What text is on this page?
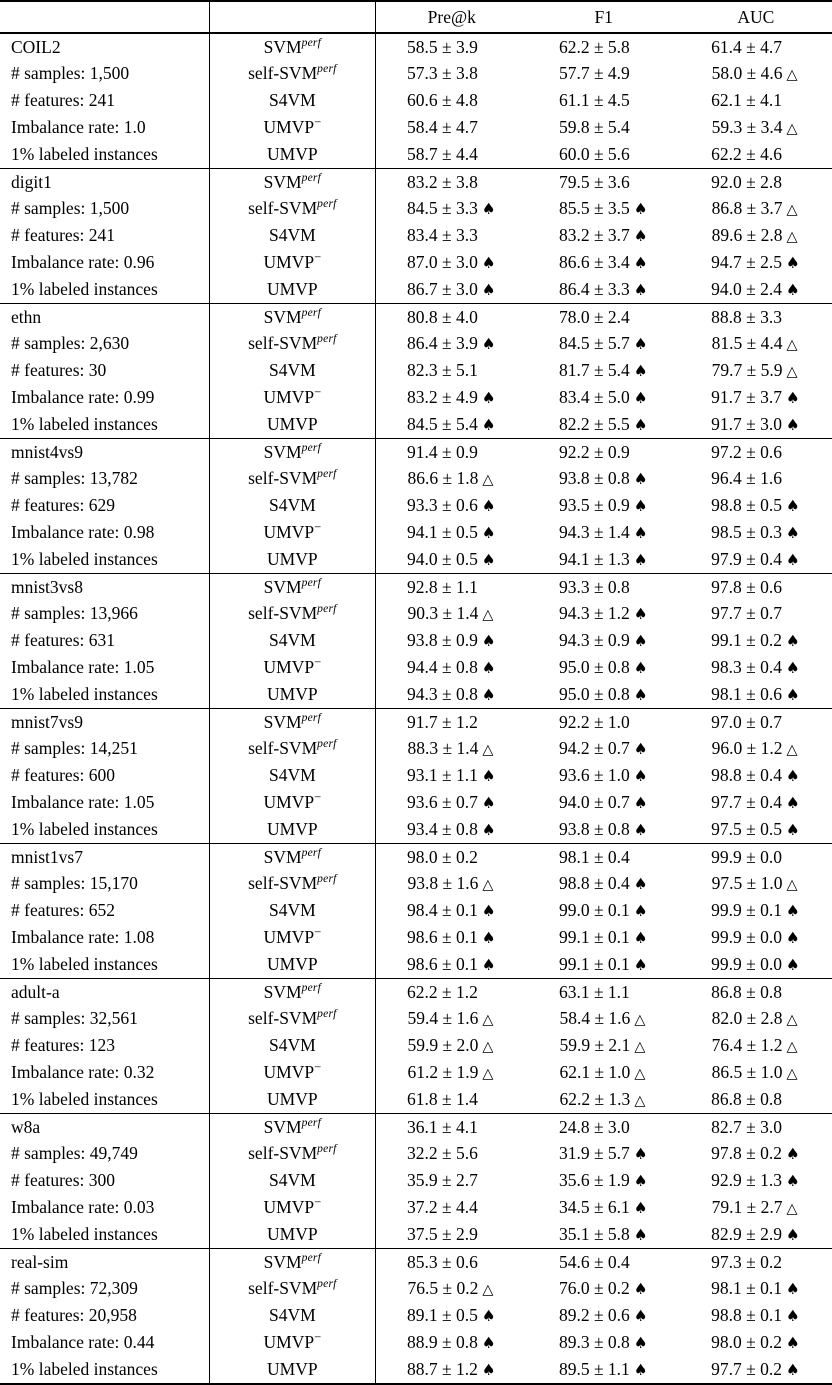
		Pre@k	F1	AUC

COIL2	$SVM^{perf}$	58.5 ± 3.9	62.2 ± 5.8	61.4 ± 4.7
# samples: 1,500	self-$SVM^{perf}$	57.3 ± 3.8	57.7 ± 4.9	58.0 ± 4.6 △
# features: 241	S4VM	60.6 ± 4.8	61.1 ± 4.5	62.1 ± 4.1
Imbalance rate: 1.0	UMVP−	58.4 ± 4.7	59.8 ± 5.4	59.3 ± 3.4 △
1% labeled instances	UMVP	58.7 ± 4.4	60.0 ± 5.6	62.2 ± 4.6

digit1	$SVM^{perf}$	83.2 ± 3.8	79.5 ± 3.6	92.0 ± 2.8
# samples: 1,500	self-$SVM^{perf}$	84.5 ± 3.3 ♠	85.5 ± 3.5 ♠	86.8 ± 3.7 △
# features: 241	S4VM	83.4 ± 3.3	83.2 ± 3.7 ♠	89.6 ± 2.8 △
Imbalance rate: 0.96	UMVP−	87.0 ± 3.0 ♠	86.6 ± 3.4 ♠	94.7 ± 2.5 ♠
1% labeled instances	UMVP	86.7 ± 3.0 ♠	86.4 ± 3.3 ♠	94.0 ± 2.4 ♠

ethn	$SVM^{perf}$	80.8 ± 4.0	78.0 ± 2.4	88.8 ± 3.3
# samples: 2,630	self-$SVM^{perf}$	86.4 ± 3.9 ♠	84.5 ± 5.7 ♠	81.5 ± 4.4 △
# features: 30	S4VM	82.3 ± 5.1	81.7 ± 5.4 ♠	79.7 ± 5.9 △
Imbalance rate: 0.99	UMVP−	83.2 ± 4.9 ♠	83.4 ± 5.0 ♠	91.7 ± 3.7 ♠
1% labeled instances	UMVP	84.5 ± 5.4 ♠	82.2 ± 5.5 ♠	91.7 ± 3.0 ♠

mnist4vs9	$SVM^{perf}$	91.4 ± 0.9	92.2 ± 0.9	97.2 ± 0.6
# samples: 13,782	self-$SVM^{perf}$	86.6 ± 1.8 △	93.8 ± 0.8 ♠	96.4 ± 1.6
# features: 629	S4VM	93.3 ± 0.6 ♠	93.5 ± 0.9 ♠	98.8 ± 0.5 ♠
Imbalance rate: 0.98	UMVP−	94.1 ± 0.5 ♠	94.3 ± 1.4 ♠	98.5 ± 0.3 ♠
1% labeled instances	UMVP	94.0 ± 0.5 ♠	94.1 ± 1.3 ♠	97.9 ± 0.4 ♠

mnist3vs8	$SVM^{perf}$	92.8 ± 1.1	93.3 ± 0.8	97.8 ± 0.6
# samples: 13,966	self-$SVM^{perf}$	90.3 ± 1.4 △	94.3 ± 1.2 ♠	97.7 ± 0.7
# features: 631	S4VM	93.8 ± 0.9 ♠	94.3 ± 0.9 ♠	99.1 ± 0.2 ♠
Imbalance rate: 1.05	UMVP−	94.4 ± 0.8 ♠	95.0 ± 0.8 ♠	98.3 ± 0.4 ♠
1% labeled instances	UMVP	94.3 ± 0.8 ♠	95.0 ± 0.8 ♠	98.1 ± 0.6 ♠

mnist7vs9	$SVM^{perf}$	91.7 ± 1.2	92.2 ± 1.0	97.0 ± 0.7
# samples: 14,251	self-$SVM^{perf}$	88.3 ± 1.4 △	94.2 ± 0.7 ♠	96.0 ± 1.2 △
# features: 600	S4VM	93.1 ± 1.1 ♠	93.6 ± 1.0 ♠	98.8 ± 0.4 ♠
Imbalance rate: 1.05	UMVP−	93.6 ± 0.7 ♠	94.0 ± 0.7 ♠	97.7 ± 0.4 ♠
1% labeled instances	UMVP	93.4 ± 0.8 ♠	93.8 ± 0.8 ♠	97.5 ± 0.5 ♠

mnist1vs7	$SVM^{perf}$	98.0 ± 0.2	98.1 ± 0.4	99.9 ± 0.0
# samples: 15,170	self-$SVM^{perf}$	93.8 ± 1.6 △	98.8 ± 0.4 ♠	97.5 ± 1.0 △
# features: 652	S4VM	98.4 ± 0.1 ♠	99.0 ± 0.1 ♠	99.9 ± 0.1 ♠
Imbalance rate: 1.08	UMVP−	98.6 ± 0.1 ♠	99.1 ± 0.1 ♠	99.9 ± 0.0 ♠
1% labeled instances	UMVP	98.6 ± 0.1 ♠	99.1 ± 0.1 ♠	99.9 ± 0.0 ♠

adult-a	$SVM^{perf}$	62.2 ± 1.2	63.1 ± 1.1	86.8 ± 0.8
# samples: 32,561	self-$SVM^{perf}$	59.4 ± 1.6 △	58.4 ± 1.6 △	82.0 ± 2.8 △
# features: 123	S4VM	59.9 ± 2.0 △	59.9 ± 2.1 △	76.4 ± 1.2 △
Imbalance rate: 0.32	UMVP−	61.2 ± 1.9 △	62.1 ± 1.0 △	86.5 ± 1.0 △
1% labeled instances	UMVP	61.8 ± 1.4	62.2 ± 1.3 △	86.8 ± 0.8

w8a	$SVM^{perf}$	36.1 ± 4.1	24.8 ± 3.0	82.7 ± 3.0
# samples: 49,749	self-$SVM^{perf}$	32.2 ± 5.6	31.9 ± 5.7 ♠	97.8 ± 0.2 ♠
# features: 300	S4VM	35.9 ± 2.7	35.6 ± 1.9 ♠	92.9 ± 1.3 ♠
Imbalance rate: 0.03	UMVP−	37.2 ± 4.4	34.5 ± 6.1 ♠	79.1 ± 2.7 △
1% labeled instances	UMVP	37.5 ± 2.9	35.1 ± 5.8 ♠	82.9 ± 2.9 ♠

real-sim	$SVM^{perf}$	85.3 ± 0.6	54.6 ± 0.4	97.3 ± 0.2
# samples: 72,309	self-$SVM^{perf}$	76.5 ± 0.2 △	76.0 ± 0.2 ♠	98.1 ± 0.1 ♠
# features: 20,958	S4VM	89.1 ± 0.5 ♠	89.2 ± 0.6 ♠	98.8 ± 0.1 ♠
Imbalance rate: 0.44	UMVP−	88.9 ± 0.8 ♠	89.3 ± 0.8 ♠	98.0 ± 0.2 ♠
1% labeled instances	UMVP	88.7 ± 1.2 ♠	89.5 ± 1.1 ♠	97.7 ± 0.2 ♠
